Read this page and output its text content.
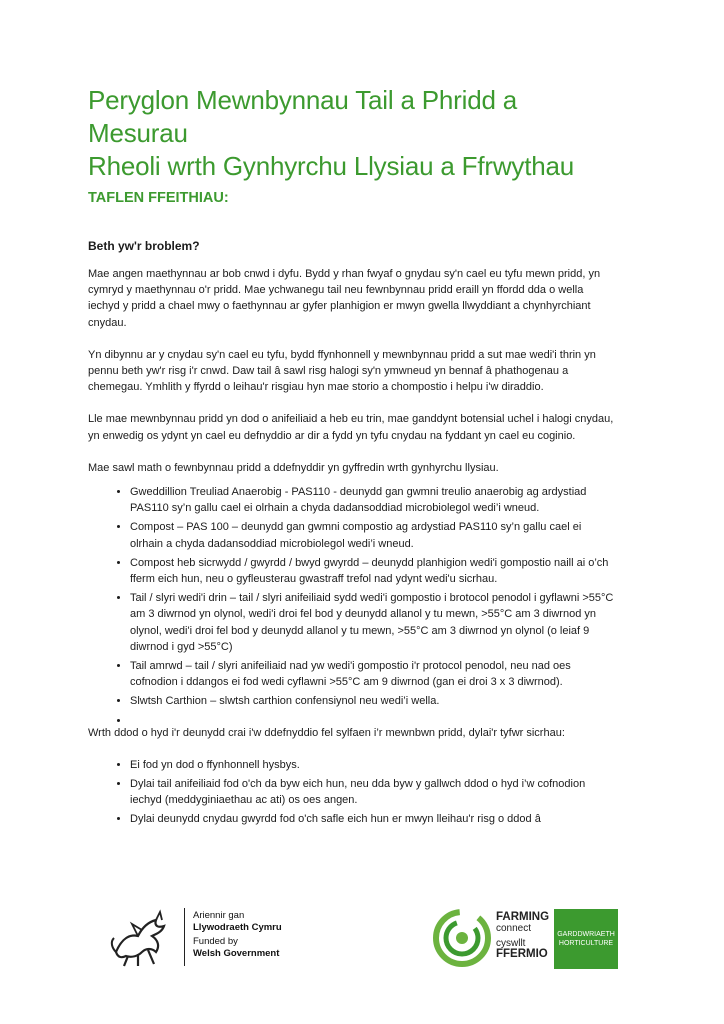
Peryglon Mewnbynnau Tail a Phridd a Mesurau
Rheoli wrth Gynhyrchu Llysiau a Ffrwythau
TAFLEN FFEITHIAU:
Beth yw'r broblem?

Mae angen maethynnau ar bob cnwd i dyfu. Bydd y rhan fwyaf o gnydau sy'n cael eu tyfu mewn pridd, yn cymryd y maethynnau o'r pridd. Mae ychwanegu tail neu fewnbynnau pridd eraill yn ffordd dda o wella iechyd y pridd a chael mwy o faethynnau ar gyfer planhigion er mwyn gwella llwyddiant a chynhyrchiant cnydau.

Yn dibynnu ar y cnydau sy'n cael eu tyfu, bydd ffynhonnell y mewnbynnau pridd a sut mae wedi'i thrin yn pennu beth yw'r risg i'r cnwd. Daw tail â sawl risg halogi sy'n ymwneud yn bennaf â phathogenau a chemegau. Ymhlith y ffyrdd o leihau'r risgiau hyn mae storio a chompostio i helpu i'w diraddio.

Lle mae mewnbynnau pridd yn dod o anifeiliaid a heb eu trin, mae ganddynt botensial uchel i halogi cnydau, yn enwedig os ydynt yn cael eu defnyddio ar dir a fydd yn tyfu cnydau na fyddant yn cael eu coginio.

Mae sawl math o fewnbynnau pridd a ddefnyddir yn gyffredin wrth gynhyrchu llysiau.

• Gweddillion Treuliad Anaerobig - PAS110 - deunydd gan gwmni treulio anaerobig ag ardystiad PAS110 sy’n gallu cael ei olrhain a chyda dadansoddiad microbiolegol wedi’i wneud.
• Compost – PAS 100 – deunydd gan gwmni compostio ag ardystiad PAS110 sy’n gallu cael ei olrhain a chyda dadansoddiad microbiolegol wedi’i wneud.
• Compost heb sicrwydd / gwyrdd / bwyd gwyrdd – deunydd planhigion wedi'i gompostio naill ai o’ch fferm eich hun, neu o gyfleusterau gwastraff trefol nad ydynt wedi'u sicrhau.
• Tail / slyri wedi'i drin – tail / slyri anifeiliaid sydd wedi'i gompostio i brotocol penodol i gyflawni >55°C am 3 diwrnod yn olynol, wedi'i droi fel bod y deunydd allanol y tu mewn, >55°C am 3 diwrnod yn olynol, wedi'i droi fel bod y deunydd allanol y tu mewn, >55°C am 3 diwrnod yn olynol (o leiaf 9 diwrnod i gyd >55°C)
• Tail amrwd – tail / slyri anifeiliaid nad yw wedi'i gompostio i'r protocol penodol, neu nad oes cofnodion i ddangos ei fod wedi cyflawni >55°C am 9 diwrnod (gan ei droi 3 x 3 diwrnod).
• Slwtsh Carthion – slwtsh carthion confensiynol neu wedi’i wella.
•

Wrth ddod o hyd i'r deunydd crai i'w ddefnyddio fel sylfaen i’r mewnbwn pridd, dylai'r tyfwr sicrhau:

• Ei fod yn dod o ffynhonnell hysbys.
• Dylai tail anifeiliaid fod o'ch da byw eich hun, neu dda byw y gallwch ddod o hyd i’w cofnodion iechyd (meddyginiaethau ac ati) os oes angen.
• Dylai deunydd cnydau gwyrdd fod o'ch safle eich hun er mwyn lleihau'r risg o ddod â
Ariennir gan
Llywodraeth Cymru
Funded by
Welsh Government
FARMING
connect
cyswllt
FFERMIO
GARDDWRIAETH
HORTICULTURE
